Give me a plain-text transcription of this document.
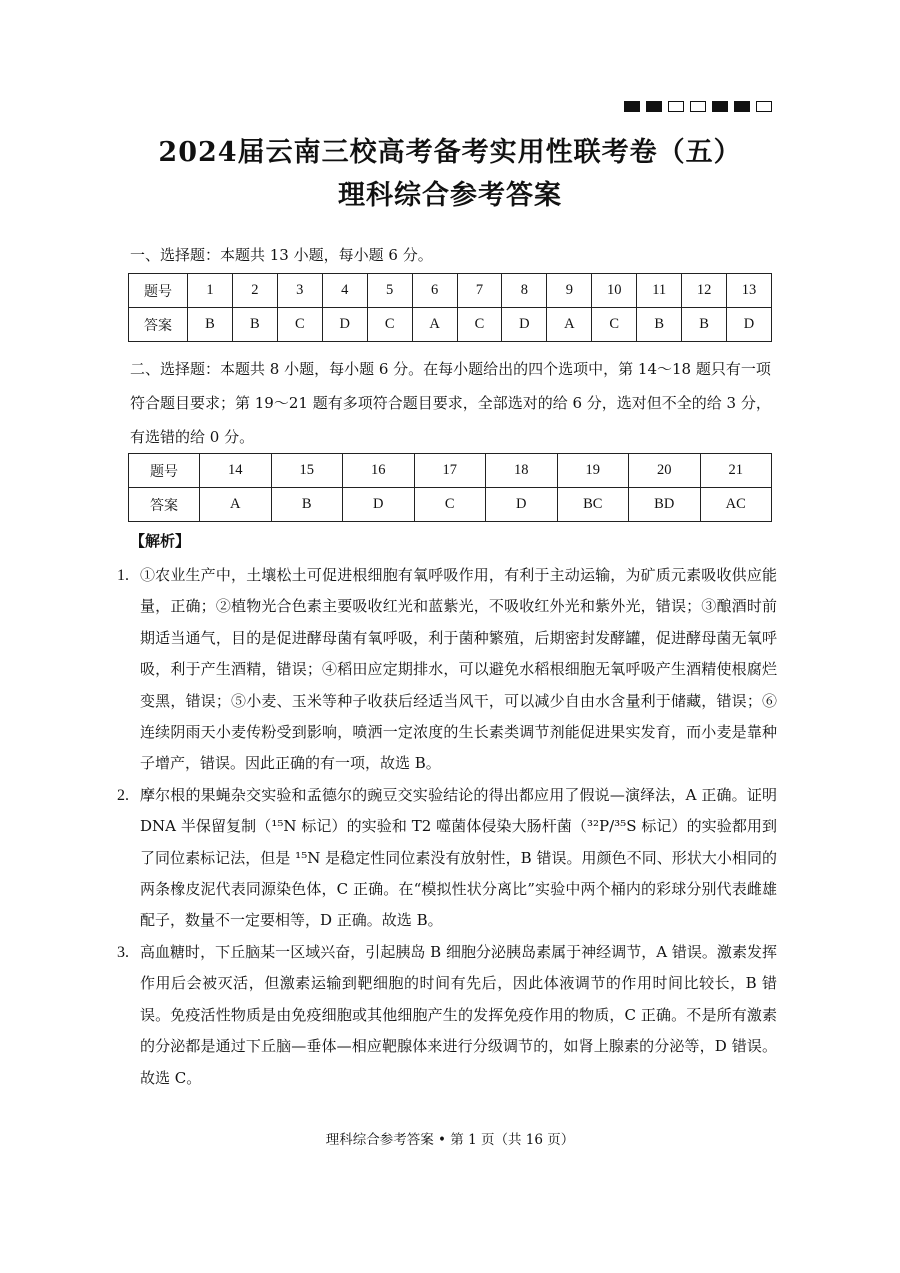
2024届云南三校高考备考实用性联考卷（五）
理科综合参考答案
一、选择题：本题共 13 小题，每小题 6 分。
题号	1	2	3	4	5	6	7	8	9	10	11	12	13
答案	B	B	C	D	C	A	C	D	A	C	B	B	D
二、选择题：本题共 8 小题，每小题 6 分。在每小题给出的四个选项中，第 14～18 题只有一项符合题目要求；第 19～21 题有多项符合题目要求，全部选对的给 6 分，选对但不全的给 3 分，有选错的给 0 分。
题号	14	15	16	17	18	19	20	21
答案	A	B	D	C	D	BC	BD	AC
【解析】
1. ①农业生产中，土壤松土可促进根细胞有氧呼吸作用，有利于主动运输，为矿质元素吸收供应能量，正确；②植物光合色素主要吸收红光和蓝紫光，不吸收红外光和紫外光，错误；③酿酒时前期适当通气，目的是促进酵母菌有氧呼吸，利于菌种繁殖，后期密封发酵罐，促进酵母菌无氧呼吸，利于产生酒精，错误；④稻田应定期排水，可以避免水稻根细胞无氧呼吸产生酒精使根腐烂变黑，错误；⑤小麦、玉米等种子收获后经适当风干，可以减少自由水含量利于储藏，错误；⑥连续阴雨天小麦传粉受到影响，喷洒一定浓度的生长素类调节剂能促进果实发育，而小麦是靠种子增产，错误。因此正确的有一项，故选 B。
2. 摩尔根的果蝇杂交实验和孟德尔的豌豆交实验结论的得出都应用了假说—演绎法，A 正确。证明 DNA 半保留复制（¹⁵N 标记）的实验和 T2 噬菌体侵染大肠杆菌（³²P/³⁵S 标记）的实验都用到了同位素标记法，但是 ¹⁵N 是稳定性同位素没有放射性，B 错误。用颜色不同、形状大小相同的两条橡皮泥代表同源染色体，C 正确。在“模拟性状分离比”实验中两个桶内的彩球分别代表雌雄配子，数量不一定要相等，D 正确。故选 B。
3. 高血糖时，下丘脑某一区域兴奋，引起胰岛 B 细胞分泌胰岛素属于神经调节，A 错误。激素发挥作用后会被灭活，但激素运输到靶细胞的时间有先后，因此体液调节的作用时间比较长，B 错误。免疫活性物质是由免疫细胞或其他细胞产生的发挥免疫作用的物质，C 正确。不是所有激素的分泌都是通过下丘脑—垂体—相应靶腺体来进行分级调节的，如肾上腺素的分泌等，D 错误。故选 C。
理科综合参考答案 • 第 1 页（共 16 页）
